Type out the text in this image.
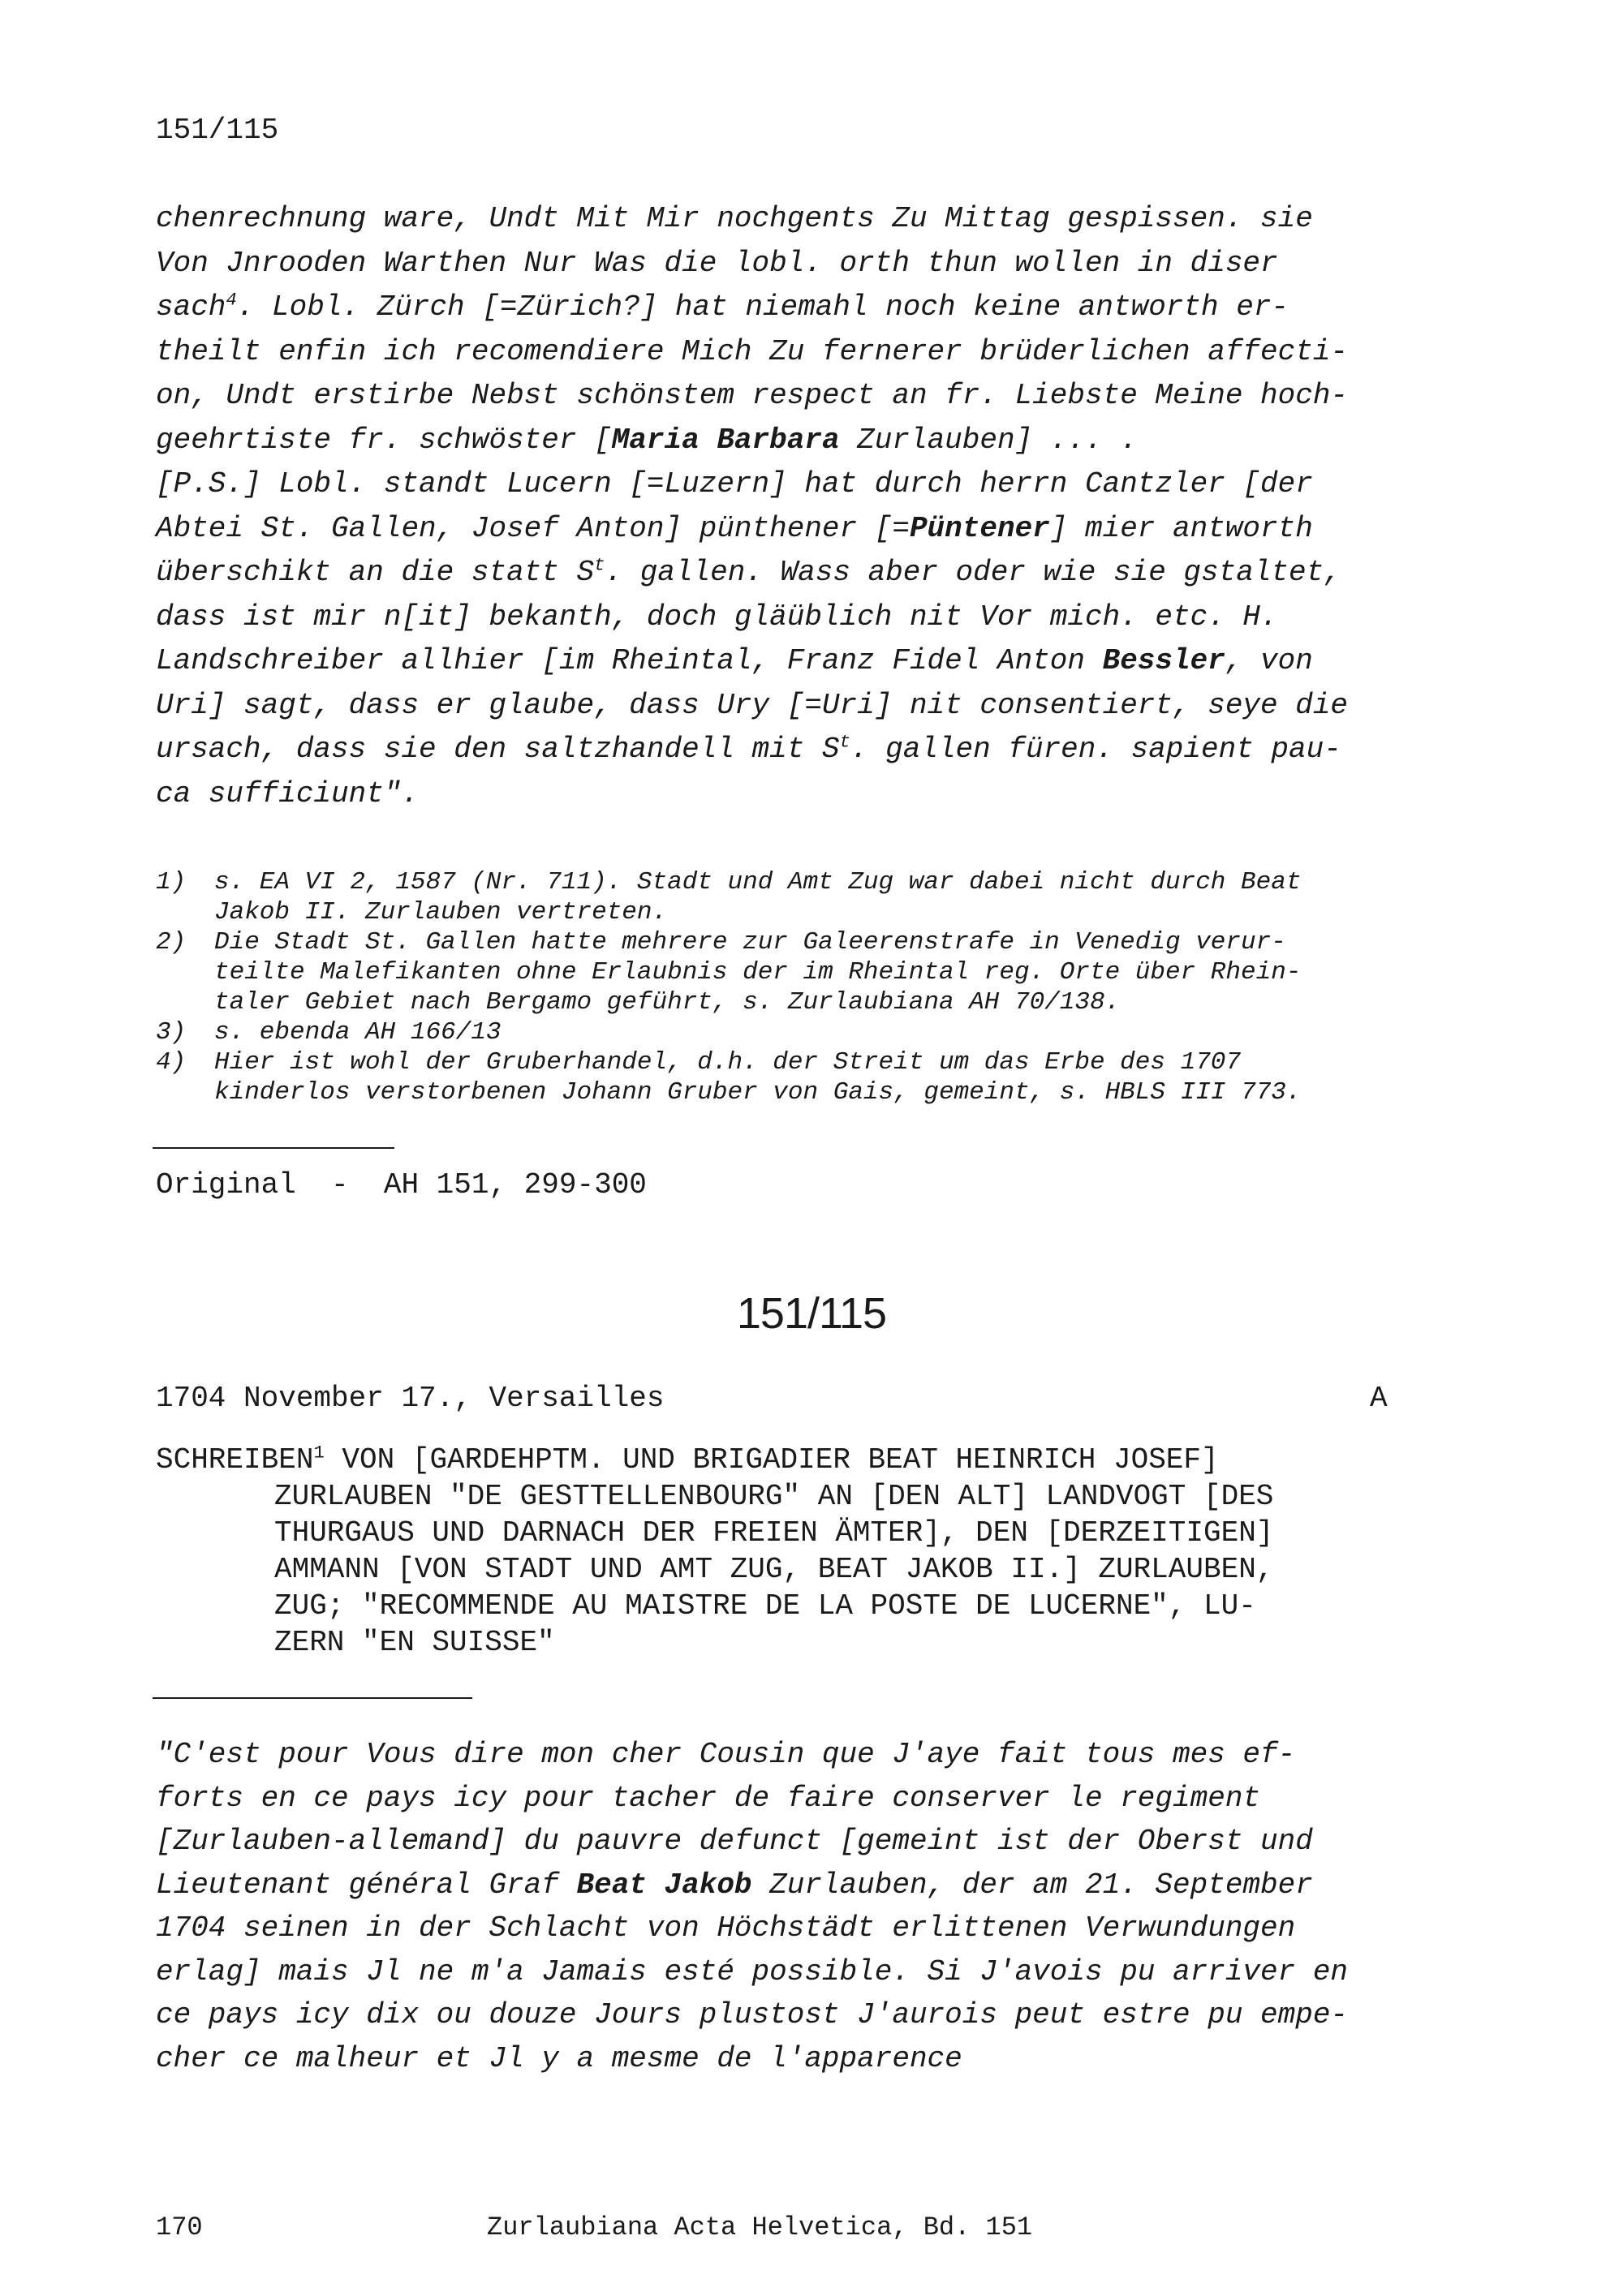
151/115
chenrechnung ware, Undt Mit Mir nochgents Zu Mittag gespissen. sie
Von Jnrooden Warthen Nur Was die lobl. orth thun wollen in diser
sach$^4$. Lobl. Zürch [=Zürich?] hat niemahl noch keine antworth er-
theilt enfin ich recomendiere Mich Zu fernerer brüderlichen affecti-
on, Undt erstirbe Nebst schönstem respect an fr. Liebste Meine hoch-
geehrtiste fr. schwöster [Maria Barbara Zurlauben] ... .
[P.S.] Lobl. standt Lucern [=Luzern] hat durch herrn Cantzler [der
Abtei St. Gallen, Josef Anton] pünthener [=Püntener] mier antworth
überschikt an die statt $S^t$. gallen. Wass aber oder wie sie gstaltet,
dass ist mir n[it] bekanth, doch gläüblich nit Vor mich. etc. H.
Landschreiber allhier [im Rheintal, Franz Fidel Anton Bessler, von
Uri] sagt, dass er glaube, dass Ury [=Uri] nit consentiert, seye die
ursach, dass sie den saltzhandell mit $S^t$. gallen füren. sapient pau-
ca sufficiunt".
1) s. EA VI 2, 1587 (Nr. 711). Stadt und Amt Zug war dabei nicht durch Beat
Jakob II. Zurlauben vertreten.
2) Die Stadt St. Gallen hatte mehrere zur Galeerenstrafe in Venedig verur-
teilte Malefikanten ohne Erlaubnis der im Rheintal reg. Orte über Rhein-
taler Gebiet nach Bergamo geführt, s. Zurlaubiana AH 70/138.
3) s. ebenda AH 166/13
4) Hier ist wohl der Gruberhandel, d.h. der Streit um das Erbe des 1707
kinderlos verstorbenen Johann Gruber von Gais, gemeint, s. HBLS III 773.
Original  -  AH 151, 299-300
151/115
1704 November 17., Versailles	A
SCHREIBEN$^1$ VON [GARDEHPTM. UND BRIGADIER BEAT HEINRICH JOSEF]
ZURLAUBEN "DE GESTTELLENBOURG" AN [DEN ALT] LANDVOGT [DES
THURGAUS UND DARNACH DER FREIEN ÄMTER], DEN [DERZEITIGEN]
AMMANN [VON STADT UND AMT ZUG, BEAT JAKOB II.] ZURLAUBEN,
ZUG; "RECOMMENDE AU MAISTRE DE LA POSTE DE LUCERNE", LU-
ZERN "EN SUISSE"
"C'est pour Vous dire mon cher Cousin que J'aye fait tous mes ef-
forts en ce pays icy pour tacher de faire conserver le regiment
[Zurlauben-allemand] du pauvre defunct [gemeint ist der Oberst und
Lieutenant général Graf Beat Jakob Zurlauben, der am 21. September
1704 seinen in der Schlacht von Höchstädt erlittenen Verwundungen
erlag] mais Jl ne m'a Jamais esté possible. Si J'avois pu arriver en
ce pays icy dix ou douze Jours plustost J'aurois peut estre pu empe-
cher ce malheur et Jl y a mesme de l'apparence
170	Zurlaubiana Acta Helvetica, Bd. 151
